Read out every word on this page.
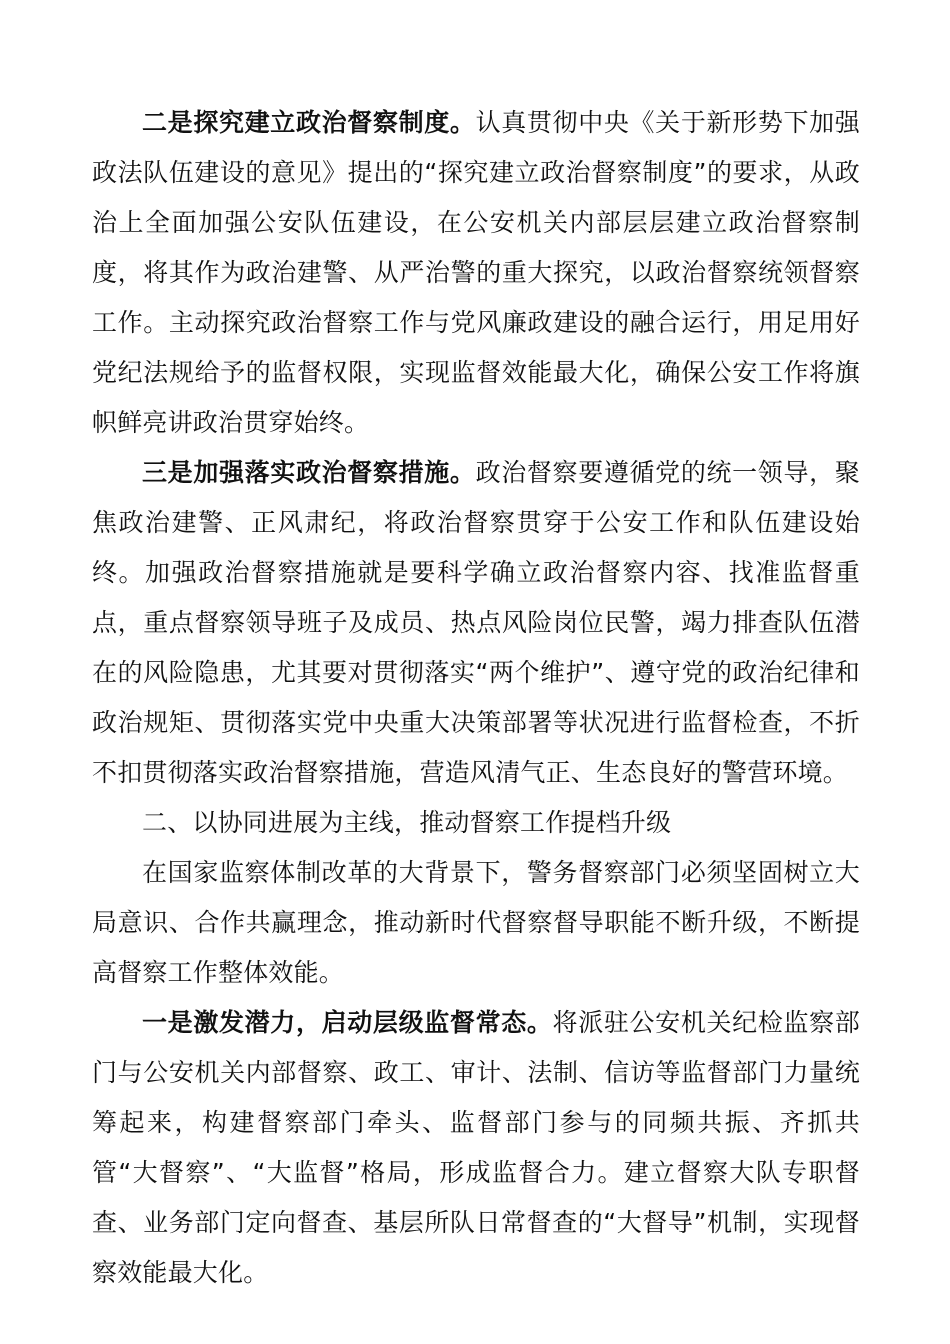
二是探究建立政治督察制度。认真贯彻中央《关于新形势下加强政法队伍建设的意见》提出的“探究建立政治督察制度”的要求，从政治上全面加强公安队伍建设，在公安机关内部层层建立政治督察制度，将其作为政治建警、从严治警的重大探究，以政治督察统领督察工作。主动探究政治督察工作与党风廉政建设的融合运行，用足用好党纪法规给予的监督权限，实现监督效能最大化，确保公安工作将旗帜鲜亮讲政治贯穿始终。

三是加强落实政治督察措施。政治督察要遵循党的统一领导，聚焦政治建警、正风肃纪，将政治督察贯穿于公安工作和队伍建设始终。加强政治督察措施就是要科学确立政治督察内容、找准监督重点，重点督察领导班子及成员、热点风险岗位民警，竭力排查队伍潜在的风险隐患，尤其要对贯彻落实“两个维护”、遵守党的政治纪律和政治规矩、贯彻落实党中央重大决策部署等状况进行监督检查，不折不扣贯彻落实政治督察措施，营造风清气正、生态良好的警营环境。

二、以协同进展为主线，推动督察工作提档升级

在国家监察体制改革的大背景下，警务督察部门必须坚固树立大局意识、合作共赢理念，推动新时代督察督导职能不断升级，不断提高督察工作整体效能。

一是激发潜力，启动层级监督常态。将派驻公安机关纪检监察部门与公安机关内部督察、政工、审计、法制、信访等监督部门力量统筹起来，构建督察部门牵头、监督部门参与的同频共振、齐抓共管“大督察”、“大监督”格局，形成监督合力。建立督察大队专职督查、业务部门定向督查、基层所队日常督查的“大督导”机制，实现督察效能最大化。
